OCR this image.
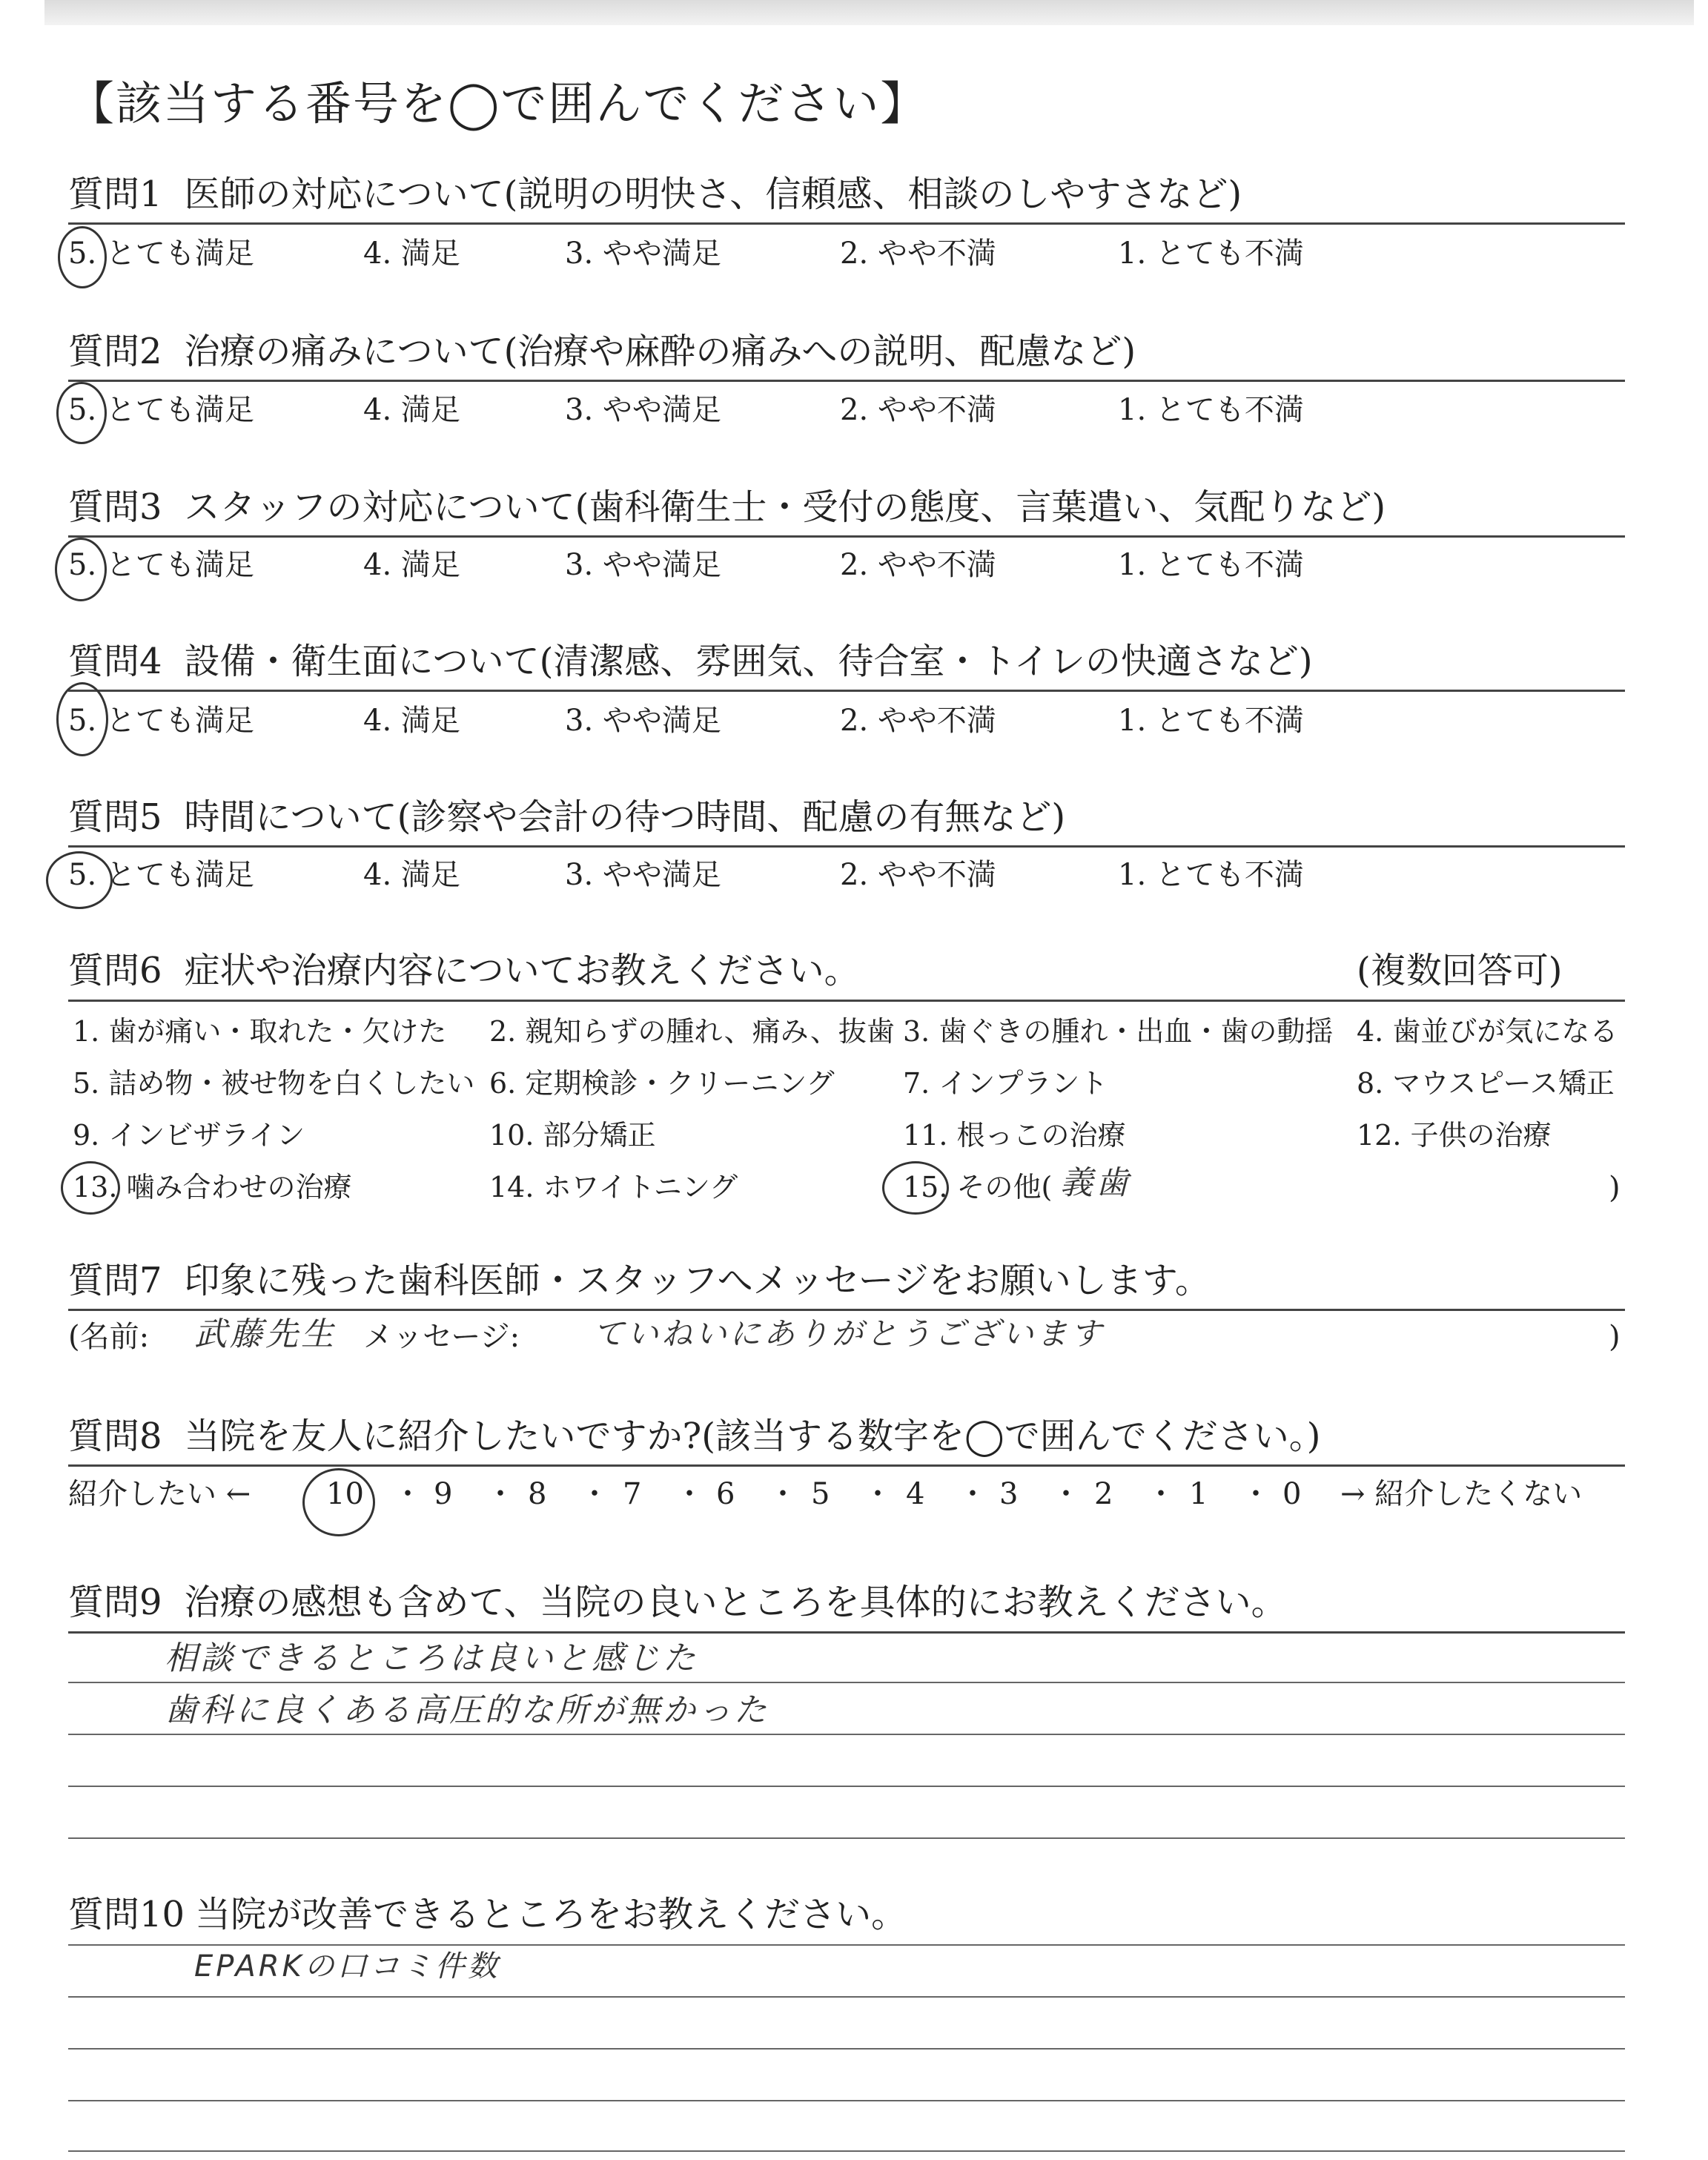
【該当する番号を◯で囲んでください】
質問1 医師の対応について(説明の明快さ、信頼感、相談のしやすさなど)
5. とても満足	4. 満足	3. やや満足	2. やや不満	1. とても不満
質問2 治療の痛みについて(治療や麻酔の痛みへの説明、配慮など)
5. とても満足	4. 満足	3. やや満足	2. やや不満	1. とても不満
質問3 スタッフの対応について(歯科衛生士・受付の態度、言葉遣い、気配りなど)
5. とても満足	4. 満足	3. やや満足	2. やや不満	1. とても不満
質問4 設備・衛生面について(清潔感、雰囲気、待合室・トイレの快適さなど)
5. とても満足	4. 満足	3. やや満足	2. やや不満	1. とても不満
質問5 時間について(診察や会計の待つ時間、配慮の有無など)
5. とても満足	4. 満足	3. やや満足	2. やや不満	1. とても不満
質問6 症状や治療内容についてお教えください。	(複数回答可)
1. 歯が痛い・取れた・欠けた 2. 親知らずの腫れ、痛み、抜歯 3. 歯ぐきの腫れ・出血・歯の動揺 4. 歯並びが気になる
5. 詰め物・被せ物を白くしたい 6. 定期検診・クリーニング 7. インプラント	8. マウスピース矯正
9. インビザライン	10. 部分矯正	11. 根っこの治療	12. 子供の治療
13. 噛み合わせの治療	14. ホワイトニング	15. その他( 義歯	)
質問7 印象に残った歯科医師・スタッフへメッセージをお願いします。
(名前: 武藤先生 メッセージ: ていねいにありがとうございます	)
質問8 当院を友人に紹介したいですか?(該当する数字を◯で囲んでください。)
紹介したい ←	10 ・ 9 ・ 8 ・ 7 ・ 6 ・ 5 ・ 4 ・ 3 ・ 2 ・ 1 ・ 0 → 紹介したくない
質問9 治療の感想も含めて、当院の良いところを具体的にお教えください。
相談できるところは良いと感じた
歯科に良くある高圧的な所が無かった
質問10 当院が改善できるところをお教えください。
EPARKの口コミ件数
